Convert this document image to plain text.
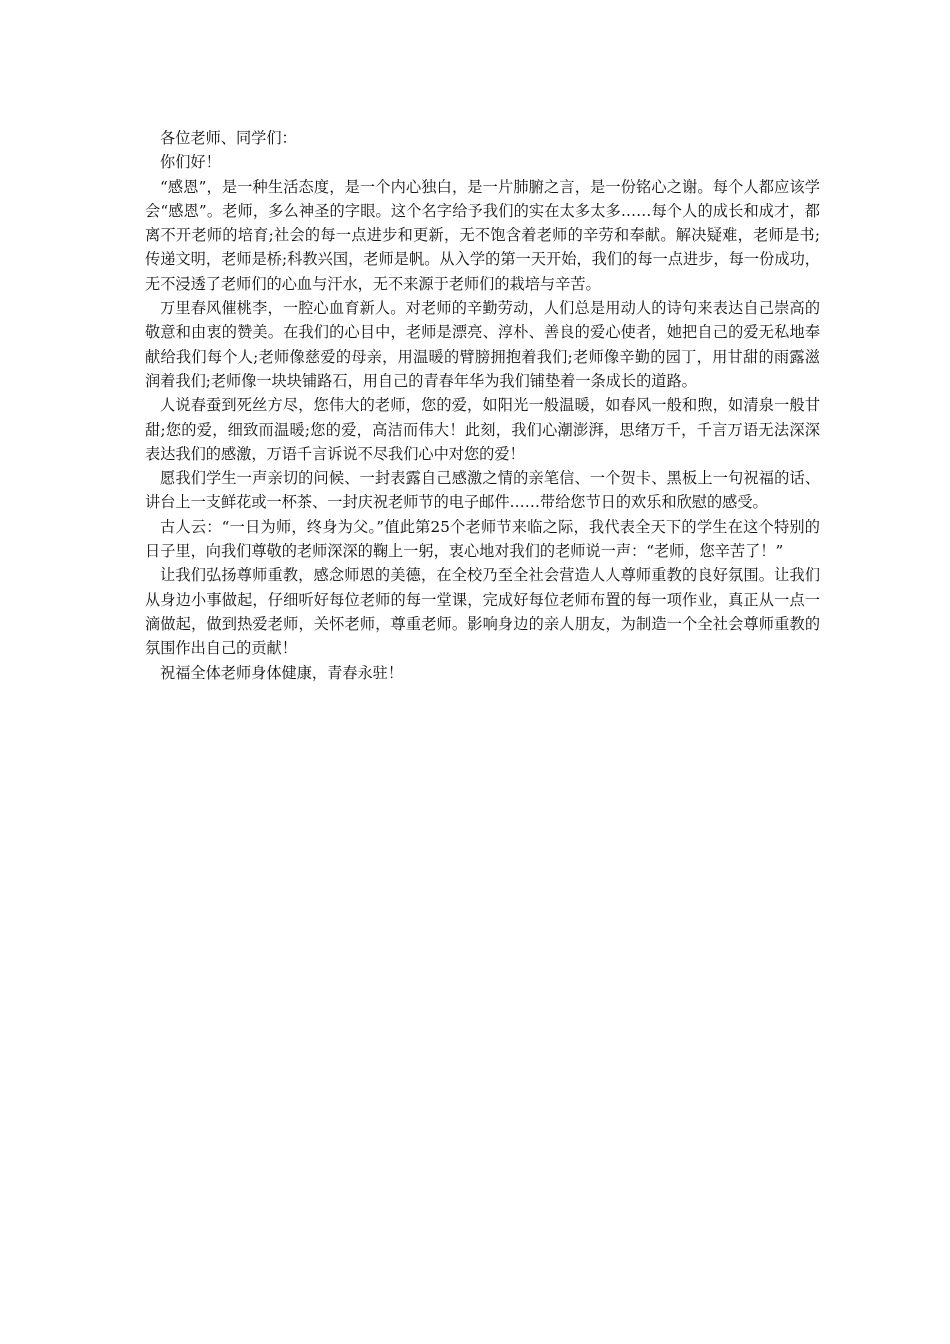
各位老师、同学们：

你们好！

“感恩”，是一种生活态度，是一个内心独白，是一片肺腑之言，是一份铭心之谢。每个人都应该学会“感恩”。老师，多么神圣的字眼。这个名字给予我们的实在太多太多……每个人的成长和成才，都离不开老师的培育;社会的每一点进步和更新，无不饱含着老师的辛劳和奉献。解决疑难，老师是书;传递文明，老师是桥;科教兴国，老师是帆。从入学的第一天开始，我们的每一点进步，每一份成功，无不浸透了老师们的心血与汗水，无不来源于老师们的栽培与辛苦。

万里春风催桃李，一腔心血育新人。对老师的辛勤劳动，人们总是用动人的诗句来表达自己崇高的敬意和由衷的赞美。在我们的心目中，老师是漂亮、淳朴、善良的爱心使者，她把自己的爱无私地奉献给我们每个人;老师像慈爱的母亲，用温暖的臂膀拥抱着我们;老师像辛勤的园丁，用甘甜的雨露滋润着我们;老师像一块块铺路石，用自己的青春年华为我们铺垫着一条成长的道路。

人说春蚕到死丝方尽，您伟大的老师，您的爱，如阳光一般温暖，如春风一般和煦，如清泉一般甘甜;您的爱，细致而温暖;您的爱，高洁而伟大！此刻，我们心潮澎湃，思绪万千，千言万语无法深深表达我们的感激，万语千言诉说不尽我们心中对您的爱！

愿我们学生一声亲切的问候、一封表露自己感激之情的亲笔信、一个贺卡、黑板上一句祝福的话、讲台上一支鲜花或一杯茶、一封庆祝老师节的电子邮件……带给您节日的欢乐和欣慰的感受。

古人云：“一日为师，终身为父。”值此第25个老师节来临之际，我代表全天下的学生在这个特别的日子里，向我们尊敬的老师深深的鞠上一躬，衷心地对我们的老师说一声：“老师，您辛苦了！”

让我们弘扬尊师重教，感念师恩的美德，在全校乃至全社会营造人人尊师重教的良好氛围。让我们从身边小事做起，仔细听好每位老师的每一堂课，完成好每位老师布置的每一项作业，真正从一点一滴做起，做到热爱老师，关怀老师，尊重老师。影响身边的亲人朋友，为制造一个全社会尊师重教的氛围作出自己的贡献！

祝福全体老师身体健康，青春永驻！
